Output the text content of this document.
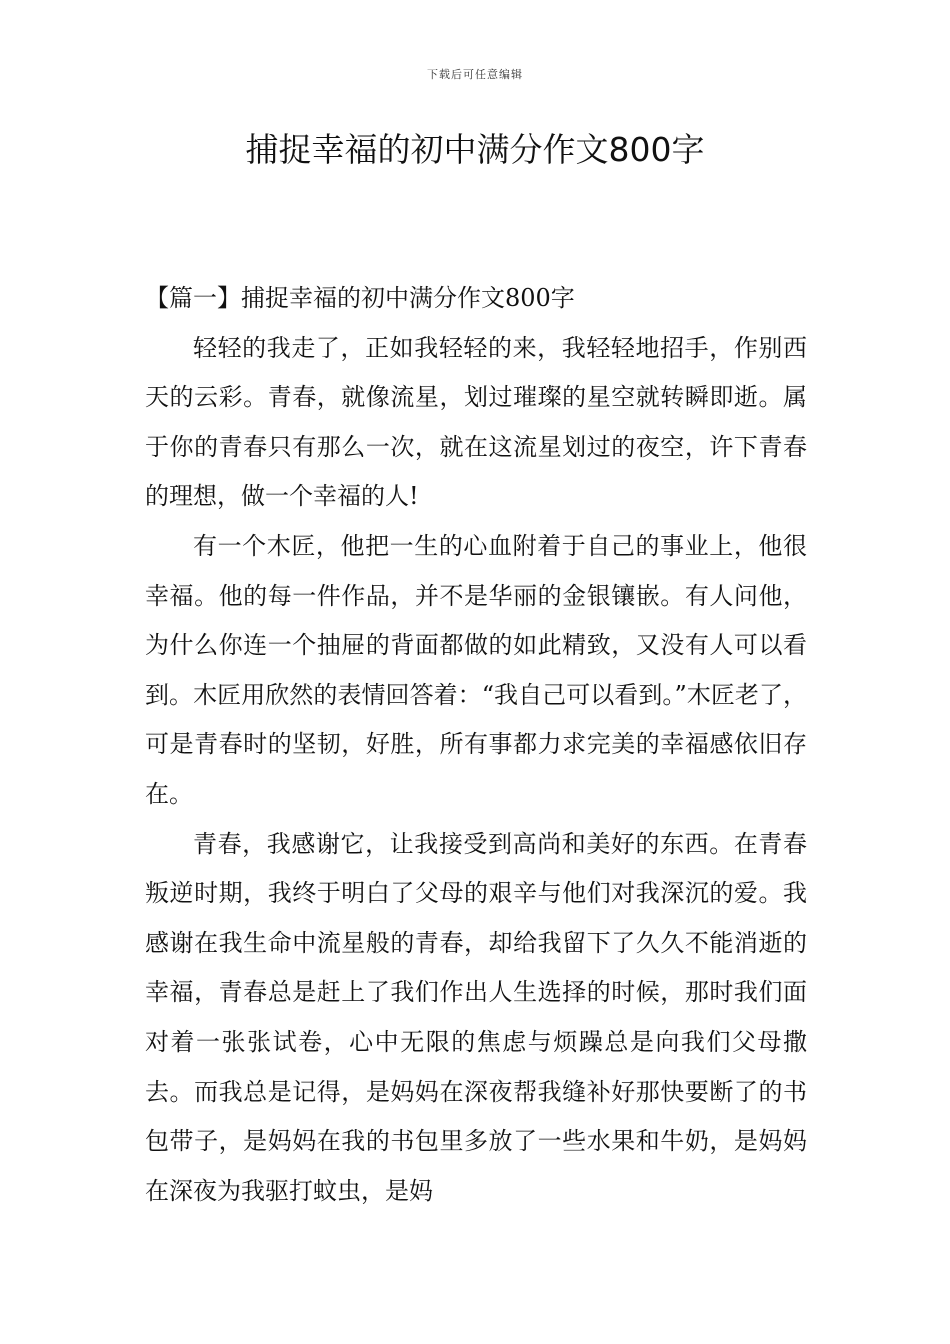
下载后可任意编辑
捕捉幸福的初中满分作文800字

【篇一】捕捉幸福的初中满分作文800字

轻轻的我走了，正如我轻轻的来，我轻轻地招手，作别西天的云彩。青春，就像流星，划过璀璨的星空就转瞬即逝。属于你的青春只有那么一次，就在这流星划过的夜空，许下青春的理想，做一个幸福的人!

有一个木匠，他把一生的心血附着于自己的事业上，他很幸福。他的每一件作品，并不是华丽的金银镶嵌。有人问他，为什么你连一个抽屉的背面都做的如此精致，又没有人可以看到。木匠用欣然的表情回答着：“我自己可以看到。”木匠老了，可是青春时的坚韧，好胜，所有事都力求完美的幸福感依旧存在。

青春，我感谢它，让我接受到高尚和美好的东西。在青春叛逆时期，我终于明白了父母的艰辛与他们对我深沉的爱。我感谢在我生命中流星般的青春，却给我留下了久久不能消逝的幸福，青春总是赶上了我们作出人生选择的时候，那时我们面对着一张张试卷，心中无限的焦虑与烦躁总是向我们父母撒去。而我总是记得，是妈妈在深夜帮我缝补好那快要断了的书包带子，是妈妈在我的书包里多放了一些水果和牛奶，是妈妈在深夜为我驱打蚊虫，是妈
